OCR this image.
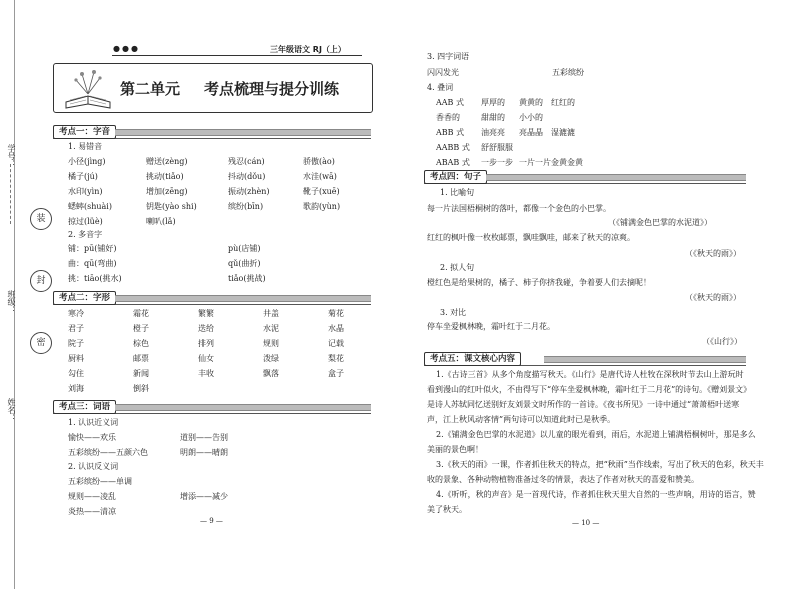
学号：
装
班级：
封
密
姓名：
●●●	三年级语文 RJ（上）
第二单元 考点梳理与提分训练
考点一：字音
1. 易错音
小径(jìng)	赠送(zèng)	残忍(cán)	骄傲(ào)
橘子(jú)	挑动(tiǎo)	抖动(dǒu)	水洼(wā)
水印(yìn)	增加(zēng)	振动(zhèn)	靴子(xuē)
蟋蟀(shuài)	钥匙(yào shi)	缤纷(bīn)	歌韵(yùn)
掠过(lüè)	喇叭(lǎ)
2. 多音字
铺：pū(铺好)	pù(店铺)
曲：qū(弯曲)	qǔ(曲折)
挑：tiāo(挑水)	tiǎo(挑战)
考点二：字形
寒冷	霜花	繁繁	井盖	菊花
君子	橙子	迭给	水泥	水晶
院子	棕色	排列	规则	记载
厨料	邮票	仙女	泼绿	梨花
勾住	新闻	丰收	飘落	盒子
刘海	倒斜
考点三：词语
1. 认识近义词
愉快——欢乐	道别——告别
五彩缤纷——五颜六色	明朗——晴朗
2. 认识反义词
五彩缤纷——单调
规则——凌乱	增添——减少
炎热——清凉
— 9 —
3. 四字词语
闪闪发光	五彩缤纷
4. 叠词
AAB 式 厚厚的 黄黄的 红红的
香香的	甜甜的 小小的
ABB 式 油亮亮 亮晶晶 湿漉漉
AABB 式 舒舒服服
ABAB 式 一步一步 一片一片 金黄金黄
考点四：句子
1. 比喻句
每一片法国梧桐树的落叶，都像一个金色的小巴掌。
（《铺满金色巴掌的水泥道》）
红红的枫叶像一枚枚邮票，飘哇飘哇，邮来了秋天的凉爽。
（《秋天的雨》）
2. 拟人句
橙红色是给果树的，橘子、柿子你挤我碰，争着要人们去摘呢！
（《秋天的雨》）
3. 对比
停车坐爱枫林晚，霜叶红于二月花。
（《山行》）
考点五：课文核心内容
1.《古诗三首》从多个角度描写秋天。《山行》是唐代诗人杜牧在深秋时节去山上游玩时
看到漫山的红叶似火，不由得写下“停车坐爱枫林晚，霜叶红于二月花”的诗句。《赠刘景文》
是诗人苏轼同忆送别好友刘景文时所作的一首诗。《夜书所见》一诗中通过“萧萧梧叶送寒
声，江上秋风动客情”两句诗可以知道此时已是秋季。
2.《铺满金色巴掌的水泥道》以儿童的眼光看到，雨后，水泥道上铺满梧桐树叶，那是多么
美丽的景色啊！
3.《秋天的雨》一课，作者抓住秋天的特点，把“秋雨”当作线索，写出了秋天的色彩，秋天丰
收的景象、各种动物植物准备过冬的情景，表达了作者对秋天的喜爱和赞美。
4.《听听，秋的声音》是一首现代诗，作者抓住秋天里大自然的一些声响，用诗的语言，赞
美了秋天。
— 10 —
